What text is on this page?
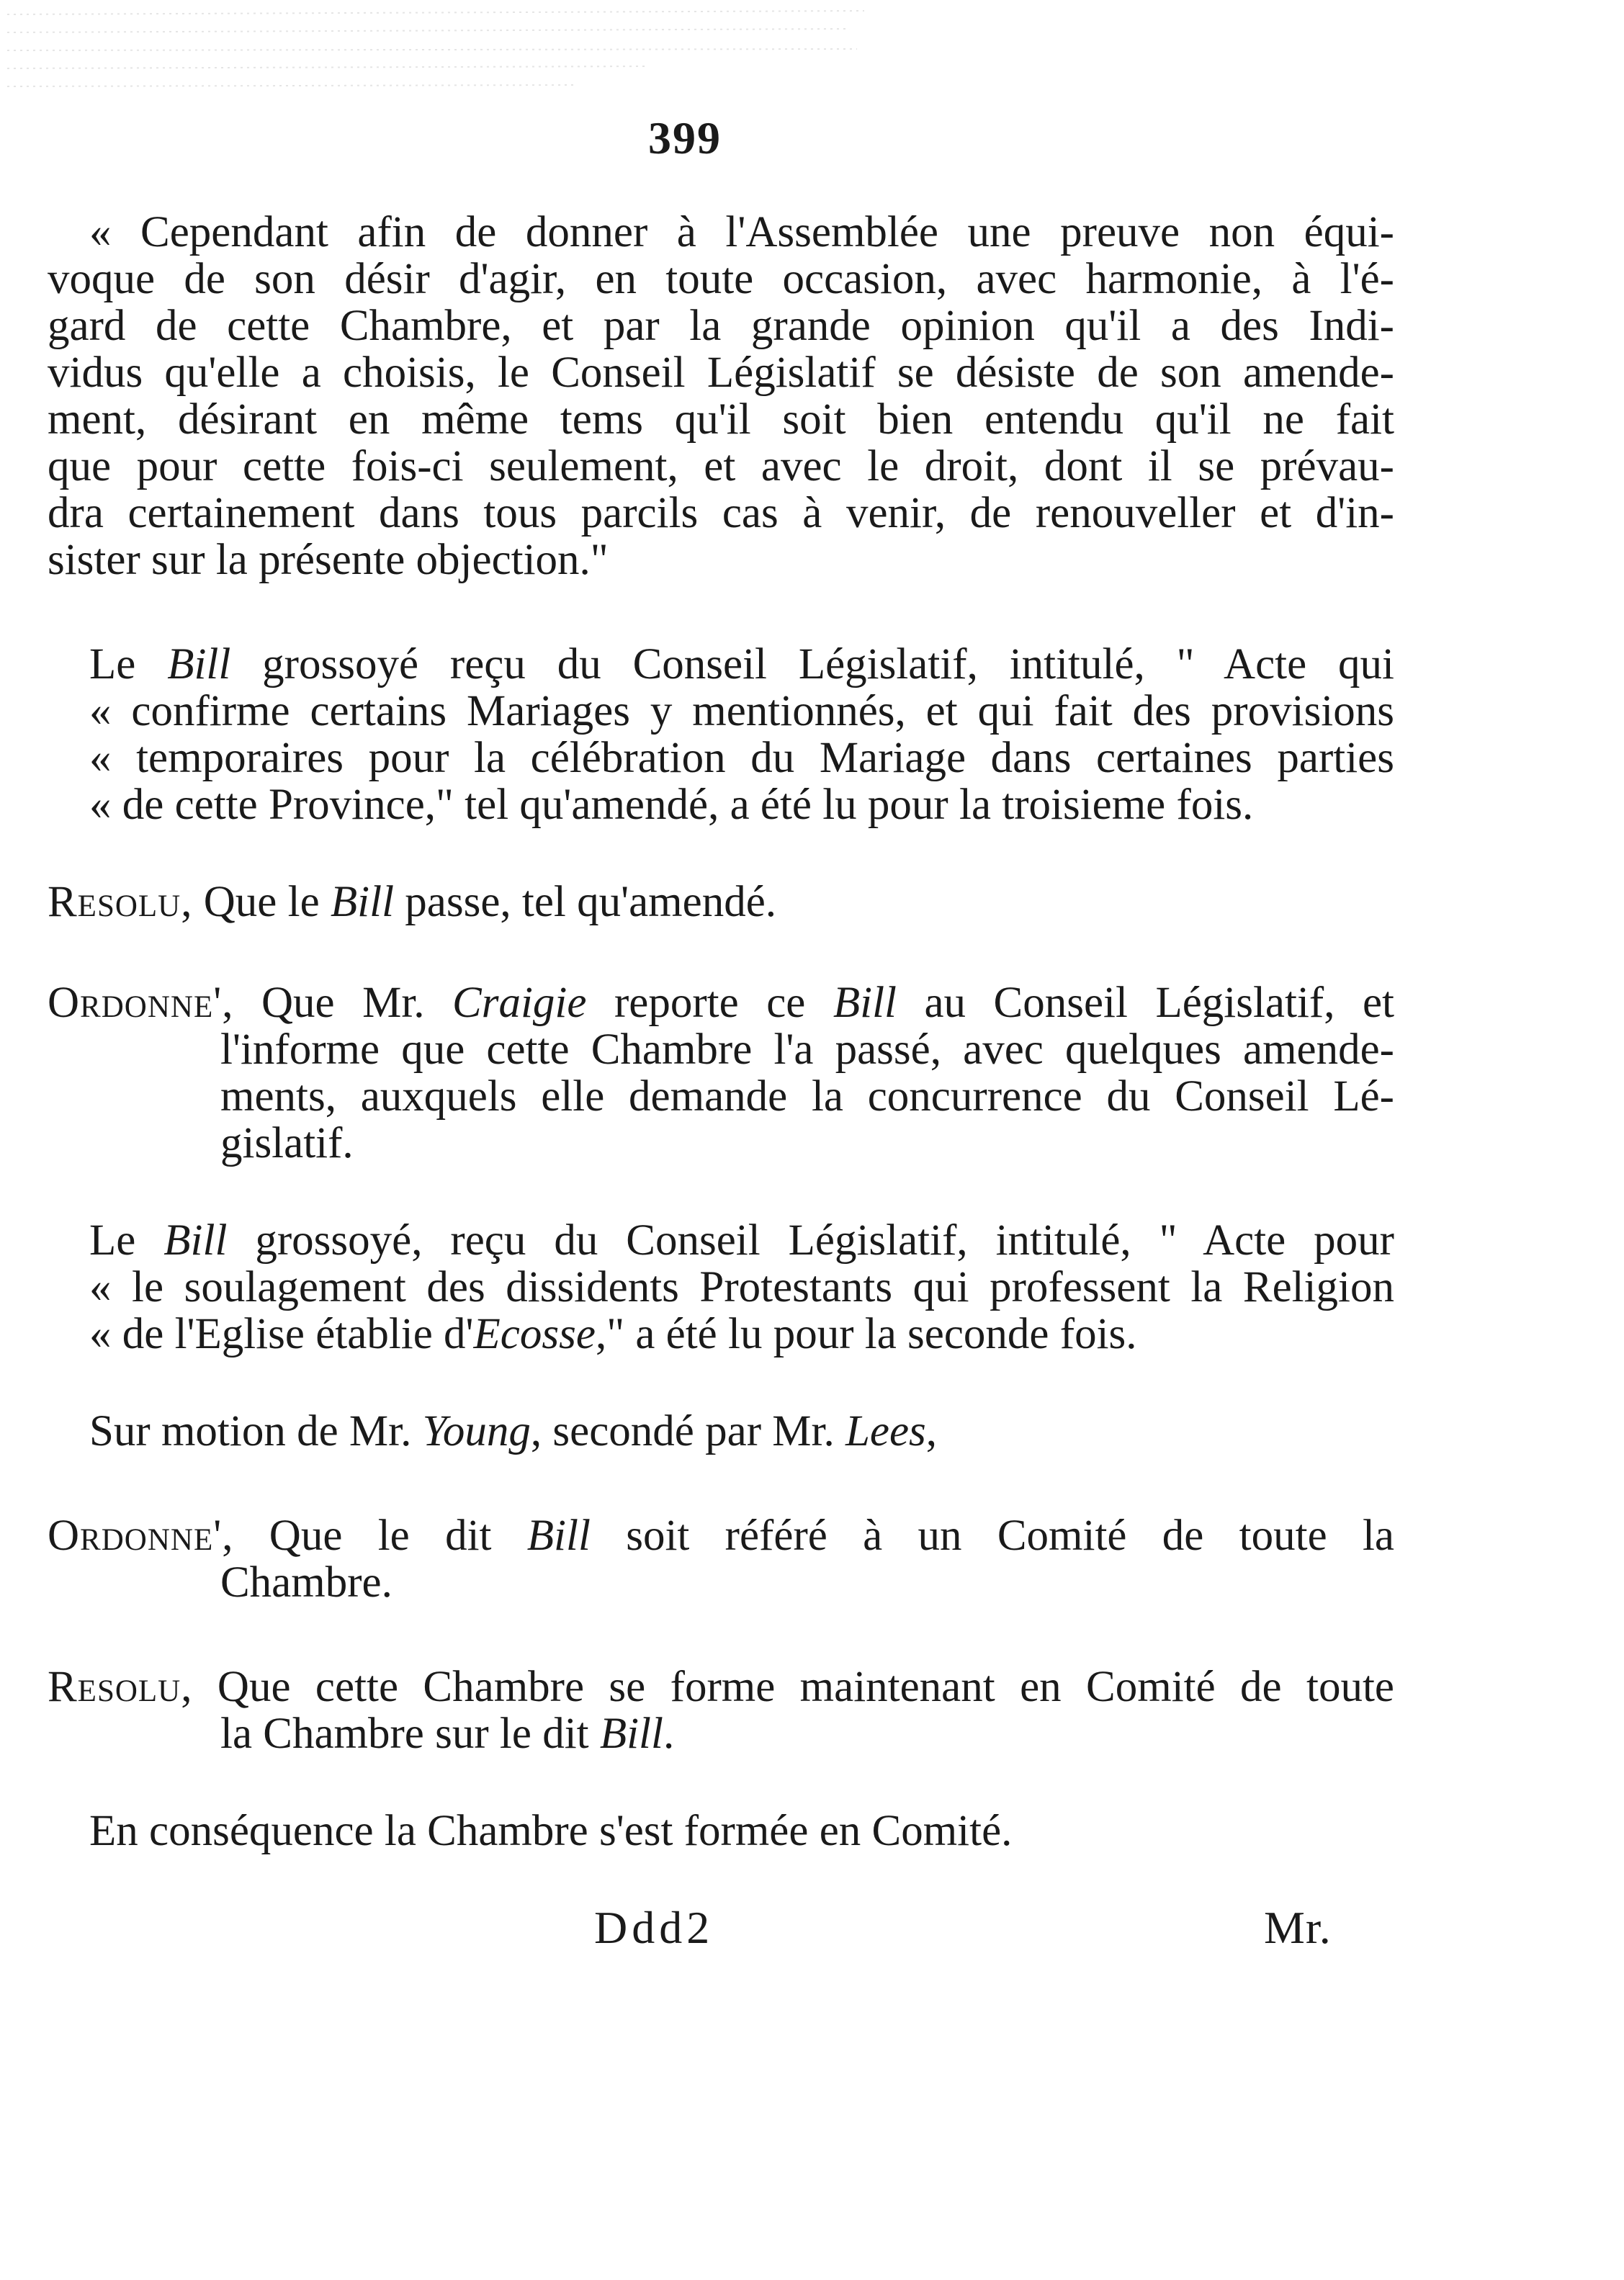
399
« Cependant afin de donner à l'Assemblée une preuve non équi-
voque de son désir d'agir, en toute occasion, avec harmonie, à l'é-
gard de cette Chambre, et par la grande opinion qu'il a des Indi-
vidus qu'elle a choisis, le Conseil Législatif se désiste de son amende-
ment, désirant en même tems qu'il soit bien entendu qu'il ne fait
que pour cette fois-ci seulement, et avec le droit, dont il se prévau-
dra certainement dans tous parcils cas à venir, de renouveller et d'in-
sister sur la présente objection."
Le Bill grossoyé reçu du Conseil Législatif, intitulé, " Acte qui
« confirme certains Mariages y mentionnés, et qui fait des provisions
« temporaires pour la célébration du Mariage dans certaines parties
« de cette Province," tel qu'amendé, a été lu pour la troisieme fois.
Resolu, Que le Bill passe, tel qu'amendé.
Ordonne', Que Mr. Craigie reporte ce Bill au Conseil Législatif, et
l'informe que cette Chambre l'a passé, avec quelques amende-
ments, auxquels elle demande la concurrence du Conseil Lé-
gislatif.
Le Bill grossoyé, reçu du Conseil Législatif, intitulé, " Acte pour
« le soulagement des dissidents Protestants qui professent la Religion
« de l'Eglise établie d'Ecosse," a été lu pour la seconde fois.
Sur motion de Mr. Young, secondé par Mr. Lees,
Ordonne', Que le dit Bill soit référé à un Comité de toute la
Chambre.
Resolu, Que cette Chambre se forme maintenant en Comité de toute
la Chambre sur le dit Bill.
En conséquence la Chambre s'est formée en Comité.
Ddd2	Mr.
